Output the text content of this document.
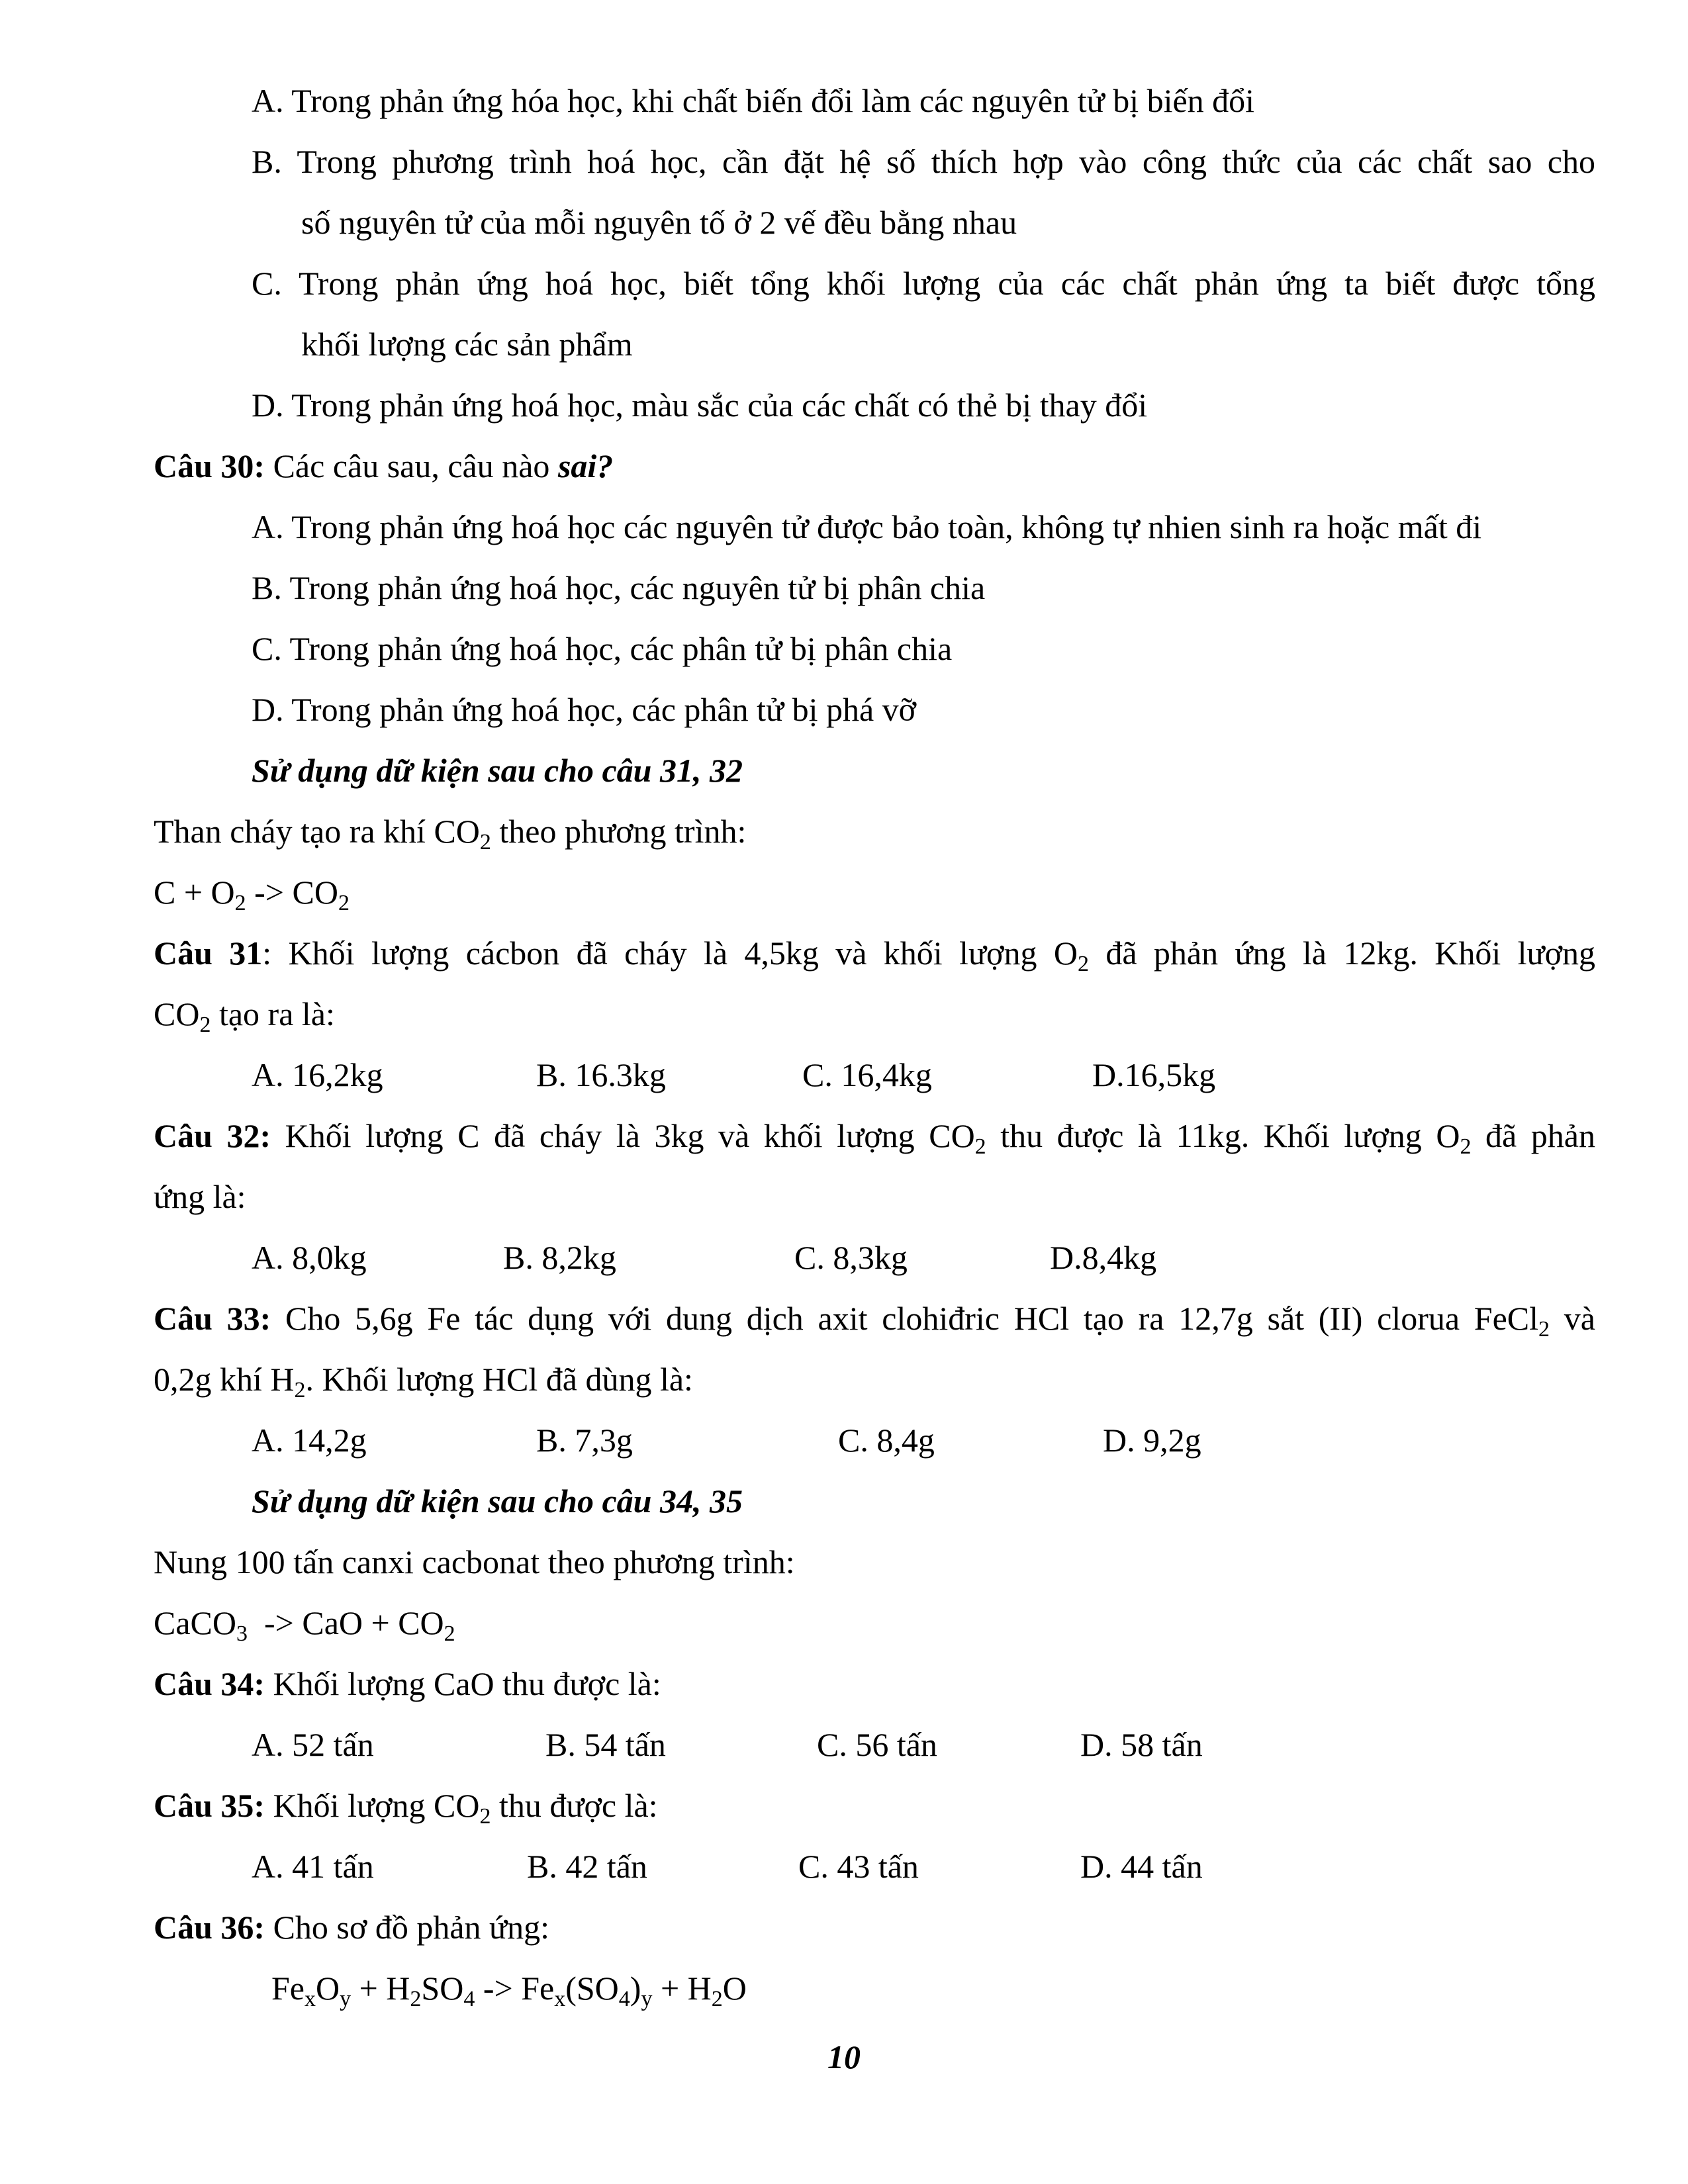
A. Trong phản ứng hóa học, khi chất biến đổi làm các nguyên tử bị biến đổi
B. Trong phương trình hoá học, cần đặt hệ số thích hợp vào công thức của các chất sao cho
số nguyên tử của mỗi nguyên tố ở 2 vế đều bằng nhau
C. Trong phản ứng hoá học, biết tổng khối lượng của các chất phản ứng ta biết được tổng
khối lượng các sản phẩm
D. Trong phản ứng hoá học, màu sắc của các chất có thẻ bị thay đổi
Câu 30: Các câu sau, câu nào sai?
A. Trong phản ứng hoá học các nguyên tử được bảo toàn, không tự nhien sinh ra hoặc mất đi
B. Trong phản ứng hoá học, các nguyên tử bị phân chia
C. Trong phản ứng hoá học, các phân tử bị phân chia
D. Trong phản ứng hoá học, các phân tử bị phá vỡ
Sử dụng dữ kiện sau cho câu 31, 32
Than cháy tạo ra khí $CO_2$ theo phương trình:
$C + O_2 -> CO_2$
Câu 31: Khối lượng cácbon đã cháy là 4,5kg và khối lượng $O_2$ đã phản ứng là 12kg. Khối lượng
$CO_2$ tạo ra là:
A. 16,2kg	B. 16.3kg	C. 16,4kg	D.16,5kg
Câu 32: Khối lượng C đã cháy là 3kg và khối lượng $CO_2$ thu được là 11kg. Khối lượng $O_2$ đã phản
ứng là:
A. 8,0kg	B. 8,2kg	C. 8,3kg	D.8,4kg
Câu 33: Cho 5,6g Fe tác dụng với dung dịch axit clohiđric HCl tạo ra 12,7g sắt (II) clorua FeCl$_2$ và
0,2g khí $H_2$. Khối lượng HCl đã dùng là:
A. 14,2g	B. 7,3g	C. 8,4g	D. 9,2g
Sử dụng dữ kiện sau cho câu 34, 35
Nung 100 tấn canxi cacbonat theo phương trình:
CaCO$_3$  -> CaO + $CO_2$
Câu 34: Khối lượng CaO thu được là:
A. 52 tấn	B. 54 tấn	C. 56 tấn	D. 58 tấn
Câu 35: Khối lượng $CO_2$ thu được là:
A. 41 tấn	B. 42 tấn	C. 43 tấn	D. 44 tấn
Câu 36: Cho sơ đồ phản ứng:
$Fe_xO_y + H_2SO_4 -> Fe_x(SO_4)_y + H_2O$
10
